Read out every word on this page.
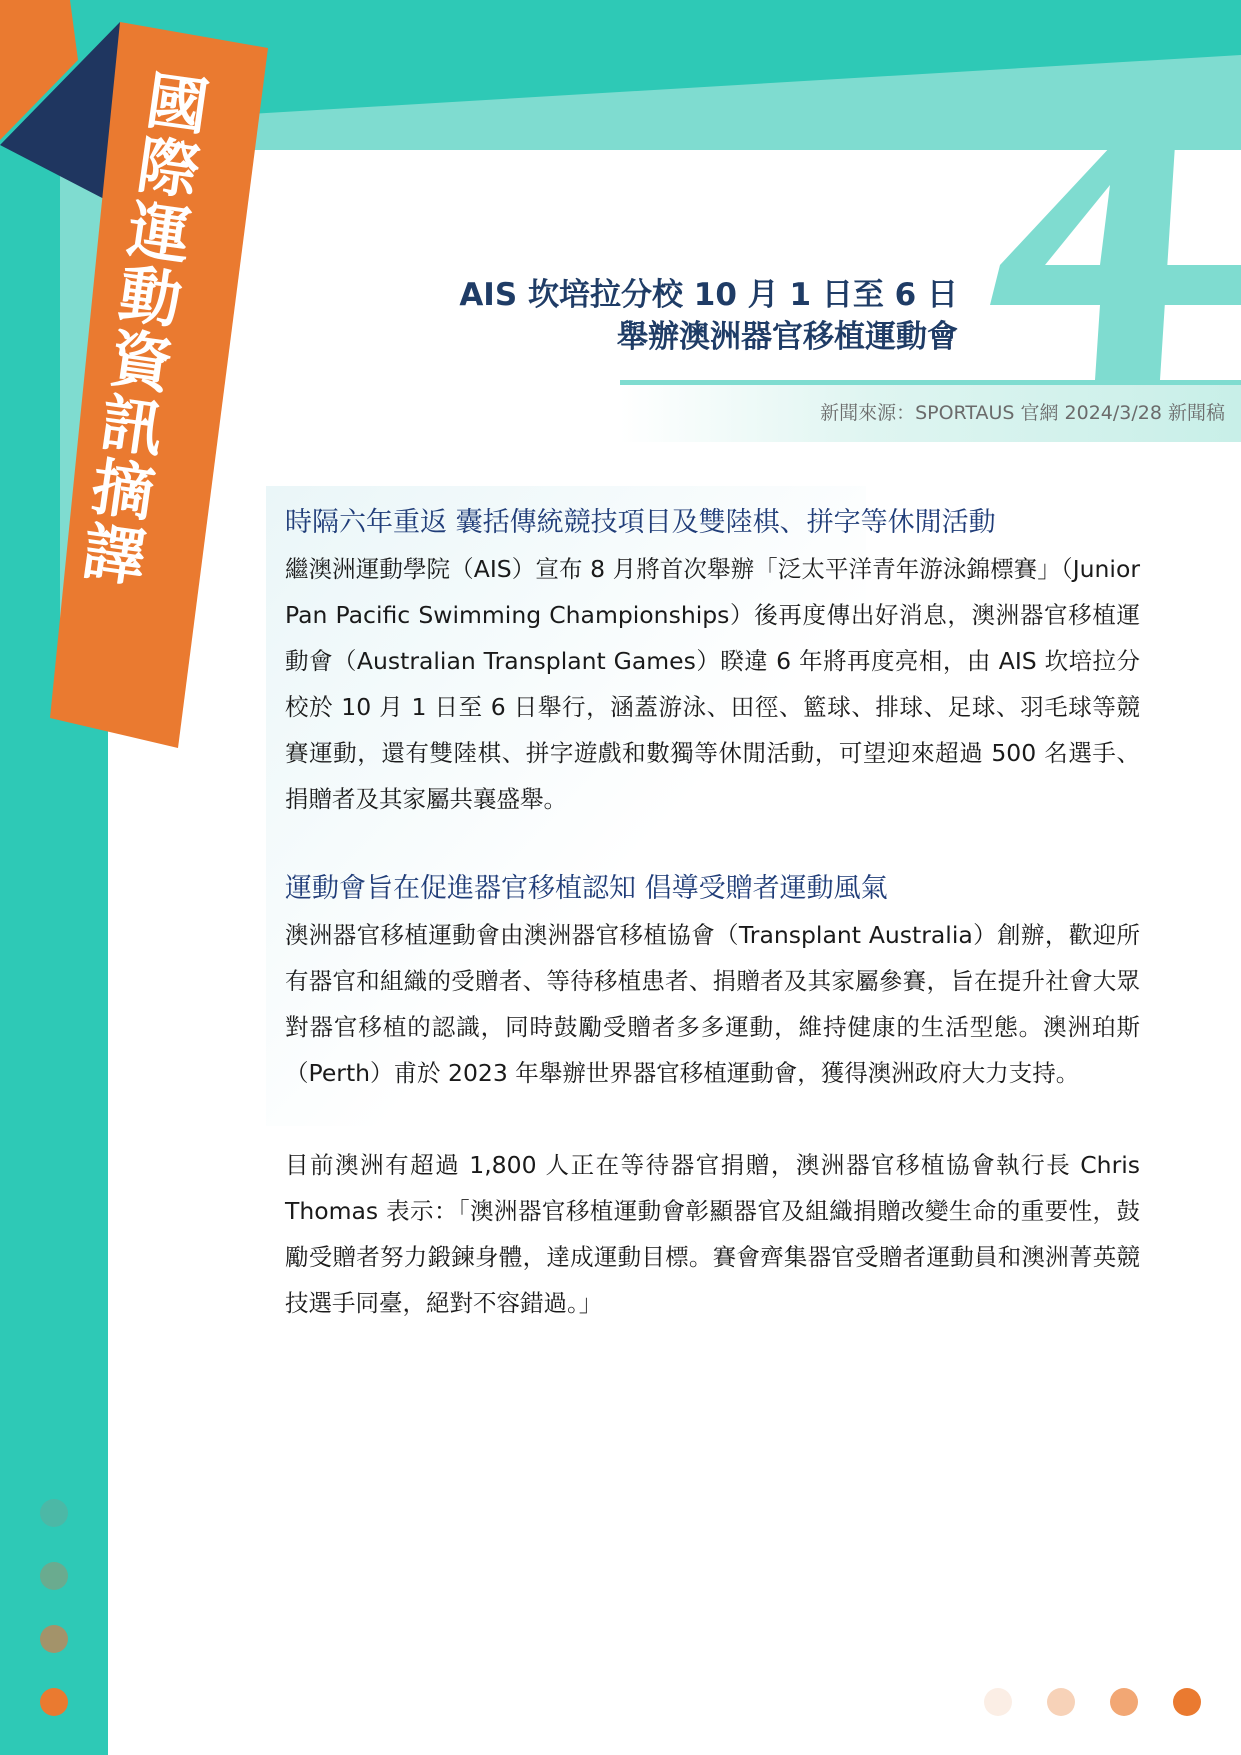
國
際
運
動
資
訊
摘
譯
AIS 坎培拉分校 10 月 1 日至 6 日
舉辦澳洲器官移植運動會
新聞來源：SPORTAUS 官網 2024/3/28 新聞稿
時隔六年重返 囊括傳統競技項目及雙陸棋、拼字等休閒活動

繼澳洲運動學院（AIS）宣布 8 月將首次舉辦「泛太平洋青年游泳錦標賽」（Junior Pan Pacific Swimming Championships）後再度傳出好消息，澳洲器官移植運動會（Australian Transplant Games）睽違 6 年將再度亮相，由 AIS 坎培拉分校於 10 月 1 日至 6 日舉行，涵蓋游泳、田徑、籃球、排球、足球、羽毛球等競賽運動，還有雙陸棋、拼字遊戲和數獨等休閒活動，可望迎來超過 500 名選手、捐贈者及其家屬共襄盛舉。

運動會旨在促進器官移植認知 倡導受贈者運動風氣

澳洲器官移植運動會由澳洲器官移植協會（Transplant Australia）創辦，歡迎所有器官和組織的受贈者、等待移植患者、捐贈者及其家屬參賽，旨在提升社會大眾對器官移植的認識，同時鼓勵受贈者多多運動，維持健康的生活型態。澳洲珀斯（Perth）甫於 2023 年舉辦世界器官移植運動會，獲得澳洲政府大力支持。

目前澳洲有超過 1,800 人正在等待器官捐贈，澳洲器官移植協會執行長 Chris Thomas 表示：「澳洲器官移植運動會彰顯器官及組織捐贈改變生命的重要性，鼓勵受贈者努力鍛鍊身體，達成運動目標。賽會齊集器官受贈者運動員和澳洲菁英競技選手同臺，絕對不容錯過。」
